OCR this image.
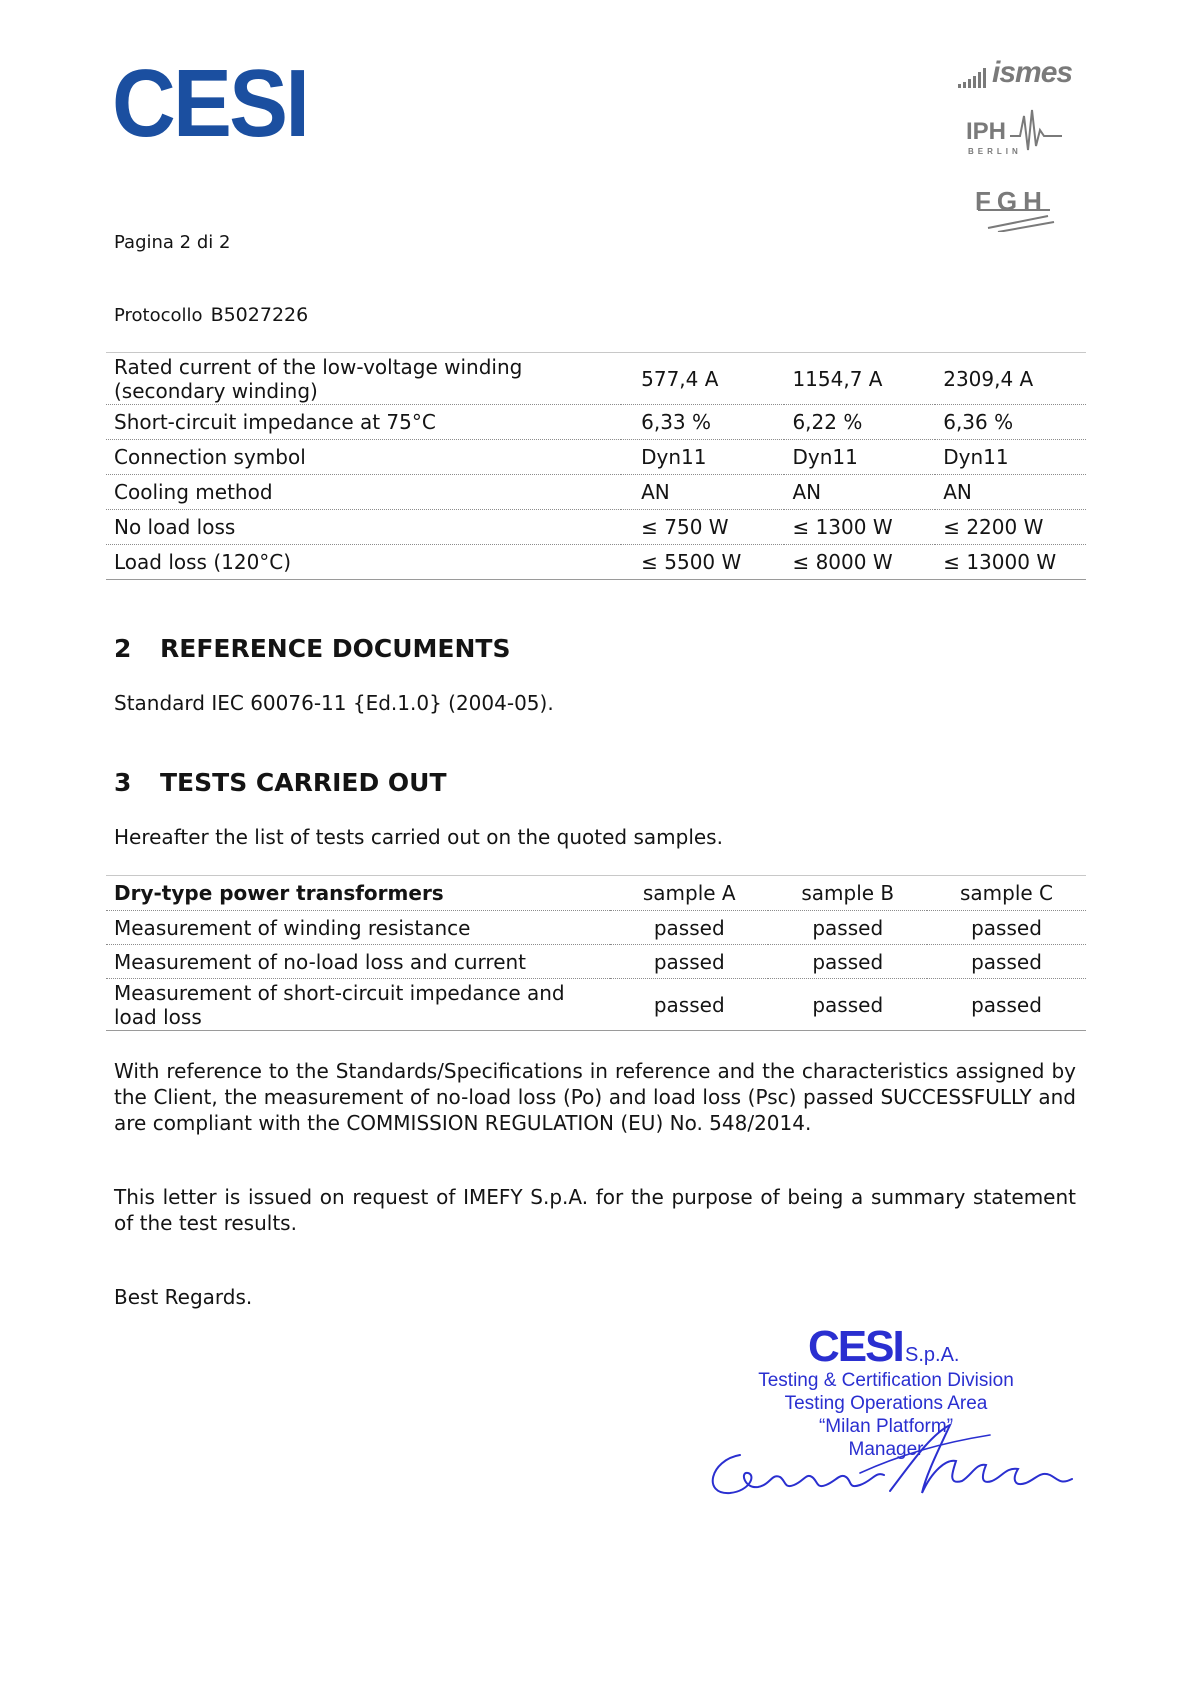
CESI	ismes
IPH
BERLIN
FGH
Pagina 2 di 2
Protocollo B5027226
Rated current of the low-voltage winding (secondary winding)	577,4 A	1154,7 A	2309,4 A
Short-circuit impedance at 75°C	6,33 %	6,22 %	6,36 %
Connection symbol	Dyn11	Dyn11	Dyn11
Cooling method	AN	AN	AN
No load loss	≤ 750 W	≤ 1300 W	≤ 2200 W
Load loss (120°C)	≤ 5500 W	≤ 8000 W	≤ 13000 W
2 REFERENCE DOCUMENTS
Standard IEC 60076-11 {Ed.1.0} (2004-05).
3 TESTS CARRIED OUT
Hereafter the list of tests carried out on the quoted samples.
Dry-type power transformers	sample A	sample B	sample C
Measurement of winding resistance	passed	passed	passed
Measurement of no-load loss and current	passed	passed	passed
Measurement of short-circuit impedance and load loss	passed	passed	passed
With reference to the Standards/Specifications in reference and the characteristics assigned by the Client, the measurement of no-load loss (Po) and load loss (Psc) passed SUCCESSFULLY and are compliant with the COMMISSION REGULATION (EU) No. 548/2014.
This letter is issued on request of IMEFY S.p.A. for the purpose of being a summary statement of the test results.
Best Regards.
CESI S.p.A.
Testing & Certification Division
Testing Operations Area
“Milan Platform”
Manager
